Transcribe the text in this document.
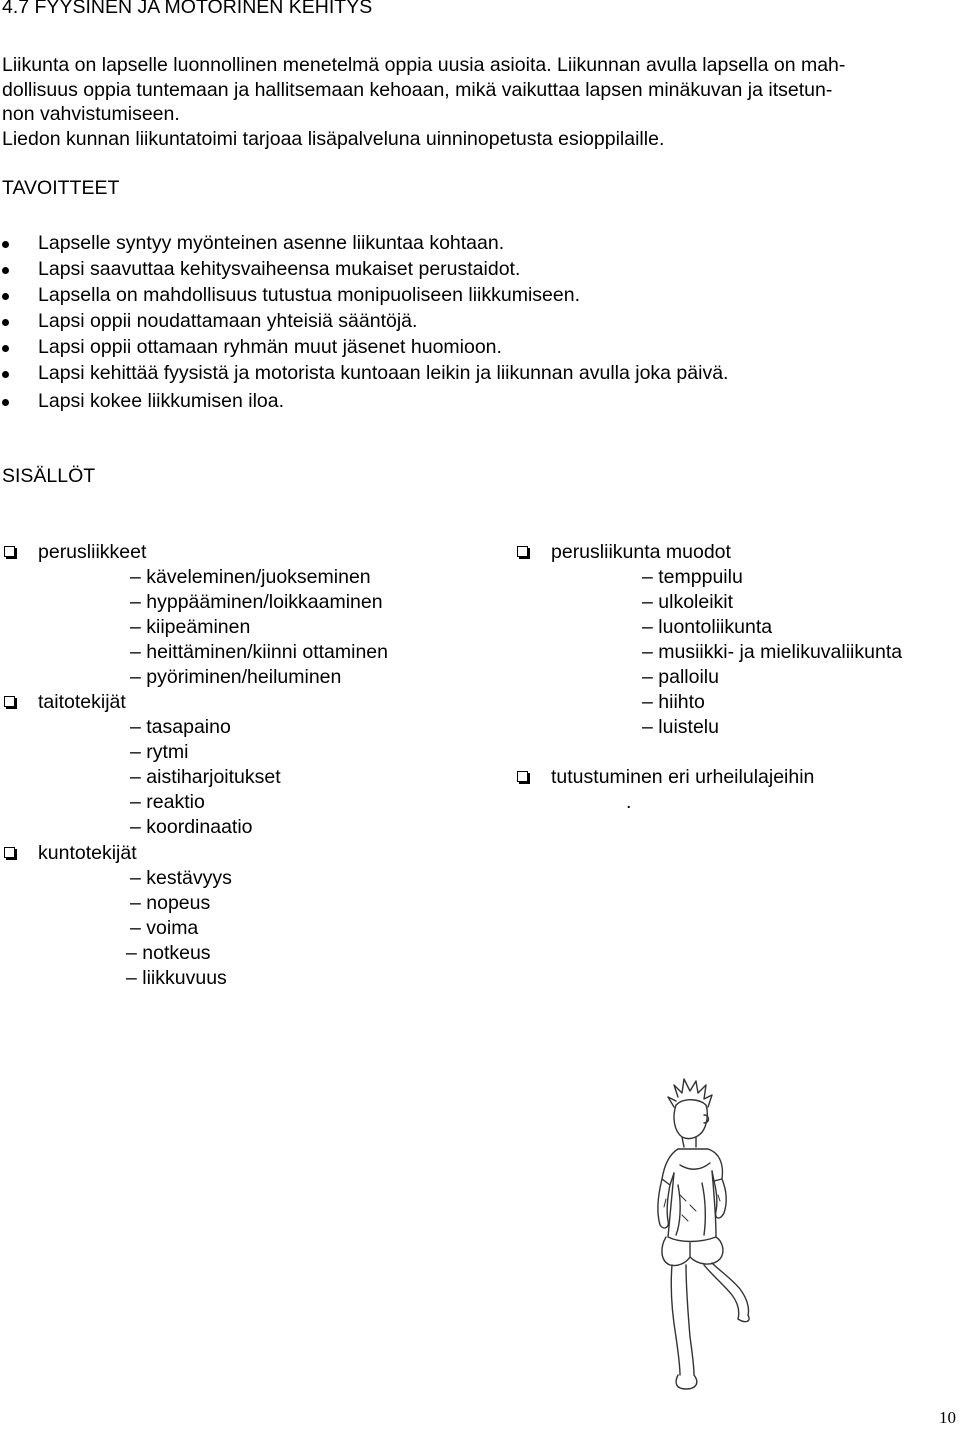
4.7 FYYSINEN JA MOTORINEN KEHITYS
Liikunta on lapselle luonnollinen menetelmä oppia uusia asioita. Liikunnan avulla lapsella on mah-
dollisuus oppia tuntemaan ja hallitsemaan kehoaan, mikä vaikuttaa lapsen minäkuvan ja itsetun-
non vahvistumiseen.
Liedon kunnan liikuntatoimi tarjoaa lisäpalveluna uinninopetusta esioppilaille.
TAVOITTEET
Lapselle syntyy myönteinen asenne liikuntaa kohtaan.
Lapsi saavuttaa kehitysvaiheensa mukaiset perustaidot.
Lapsella on mahdollisuus tutustua monipuoliseen liikkumiseen.
Lapsi oppii noudattamaan yhteisiä sääntöjä.
Lapsi oppii ottamaan ryhmän muut jäsenet huomioon.
Lapsi kehittää fyysistä ja motorista kuntoaan leikin ja liikunnan avulla joka päivä.
Lapsi kokee liikkumisen iloa.
SISÄLLÖT
perusliikkeet
– käveleminen/juokseminen
– hyppääminen/loikkaaminen
– kiipeäminen
– heittäminen/kiinni ottaminen
– pyöriminen/heiluminen
taitotekijät
– tasapaino
– rytmi
– aistiharjoitukset
– reaktio
– koordinaatio
kuntotekijät
– kestävyys
– nopeus
– voima
– notkeus
– liikkuvuus
perusliikunta muodot
– temppuilu
– ulkoleikit
– luontoliikunta
– musiikki- ja mielikuvaliikunta
– palloilu
– hiihto
– luistelu
tutustuminen eri urheilulajeihin
.
10
